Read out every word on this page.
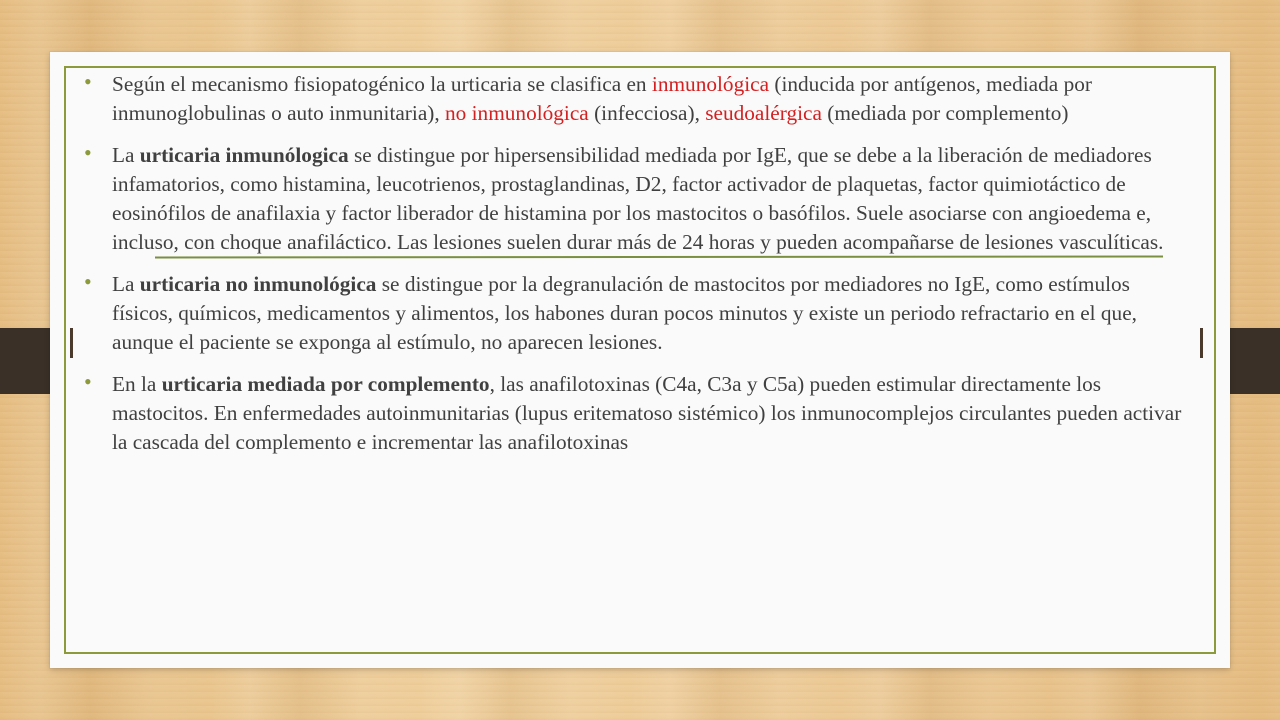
• Según el mecanismo fisiopatogénico la urticaria se clasifica en inmunológica (inducida por antígenos, mediada por inmunoglobulinas o auto inmunitaria), no inmunológica (infecciosa), seudoalérgica (mediada por complemento)
• La urticaria inmunólogica se distingue por hipersensibilidad mediada por IgE, que se debe a la liberación de mediadores infamatorios, como histamina, leucotrienos, prostaglandinas, D2, factor activador de plaquetas, factor quimiotáctico de eosinófilos de anafilaxia y factor liberador de histamina por los mastocitos o basófilos. Suele asociarse con angioedema e, incluso, con choque anafiláctico. Las lesiones suelen durar más de 24 horas y pueden acompañarse de lesiones vasculíticas.
• La urticaria no inmunológica se distingue por la degranulación de mastocitos por mediadores no IgE, como estímulos físicos, químicos, medicamentos y alimentos, los habones duran pocos minutos y existe un periodo refractario en el que, aunque el paciente se exponga al estímulo, no aparecen lesiones.
• En la urticaria mediada por complemento, las anafilotoxinas (C4a, C3a y C5a) pueden estimular directamente los mastocitos. En enfermedades autoinmunitarias (lupus eritematoso sistémico) los inmunocomplejos circulantes pueden activar la cascada del complemento e incrementar las anafilotoxinas
